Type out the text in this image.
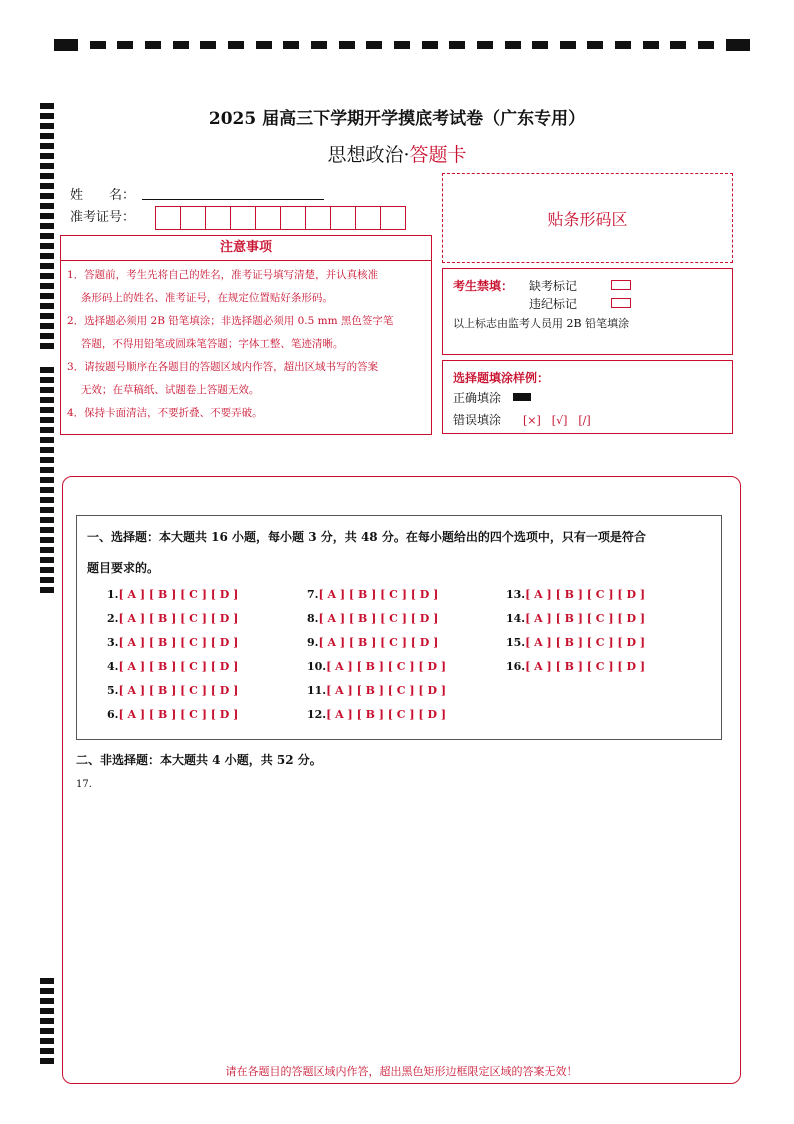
2025 届高三下学期开学摸底考试卷（广东专用）
思想政治·答题卡
姓　　名：
准考证号：	贴条形码区
注意事项

1．答题前，考生先将自己的姓名，准考证号填写清楚，并认真核准

　 条形码上的姓名、准考证号，在规定位置贴好条形码。

2．选择题必须用 2B 铅笔填涂；非选择题必须用 0.5 mm 黑色签字笔

　 答题，不得用铅笔或圆珠笔答题；字体工整、笔迹清晰。

3．请按题号顺序在各题目的答题区域内作答，超出区域书写的答案

　 无效；在草稿纸、试题卷上答题无效。

4．保持卡面清洁，不要折叠、不要弄破。

考生禁填： 缺考标记
违纪标记
以上标志由监考人员用 2B 铅笔填涂
选择题填涂样例：
正确填涂
错误填涂 [×]　[√]　[/]
一、选择题：本大题共 16 小题，每小题 3 分，共 48 分。在每小题给出的四个选项中，只有一项是符合
题目要求的。
1.[ A ] [ B ] [ C ] [ D ]
2.[ A ] [ B ] [ C ] [ D ]
3.[ A ] [ B ] [ C ] [ D ]
4.[ A ] [ B ] [ C ] [ D ]
5.[ A ] [ B ] [ C ] [ D ]
6.[ A ] [ B ] [ C ] [ D ]
7.[ A ] [ B ] [ C ] [ D ]
8.[ A ] [ B ] [ C ] [ D ]
9.[ A ] [ B ] [ C ] [ D ]
10.[ A ] [ B ] [ C ] [ D ]
11.[ A ] [ B ] [ C ] [ D ]
12.[ A ] [ B ] [ C ] [ D ]
13.[ A ] [ B ] [ C ] [ D ]
14.[ A ] [ B ] [ C ] [ D ]
15.[ A ] [ B ] [ C ] [ D ]
16.[ A ] [ B ] [ C ] [ D ]
二、非选择题：本大题共 4 小题，共 52 分。
17.
请在各题目的答题区域内作答，超出黑色矩形边框限定区域的答案无效！
